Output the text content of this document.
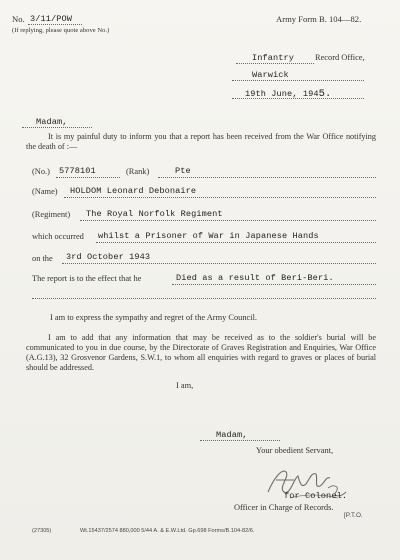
No. 3/11/POW
(If replying, please quote above No.)
Army Form B. 104—82.
Infantry Record Office,
Warwick
19th June, 1945.
Madam,
It is my painful duty to inform you that a report has been received from the War Office notifying the death of :—
(No.) 5778101	(Rank)	Pte
(Name) HOLDOM Leonard Debonaire
(Regiment) The Royal Norfolk Regiment
which occurred whilst a Prisoner of War in Japanese Hands
on the 3rd October 1943
The report is to the effect that he	Died as a result of Beri-Beri.
I am to express the sympathy and regret of the Army Council.
I am to add that any information that may be received as to the soldier's burial will be communicated to you in due course, by the Directorate of Graves Registration and Enquiries, War Office (A.G.13), 32 Grosvenor Gardens, S.W.1, to whom all enquiries with regard to graves or places of burial should be addressed.
I am,
Madam,
Your obedient Servant,
for Colonel.
Officer in Charge of Records.
(27305)	Wt.15437/2574 880,000 5/44 A. & E.W.Ltd. Gp.698 Forms/B.104-82/6.
[P.T.O.
